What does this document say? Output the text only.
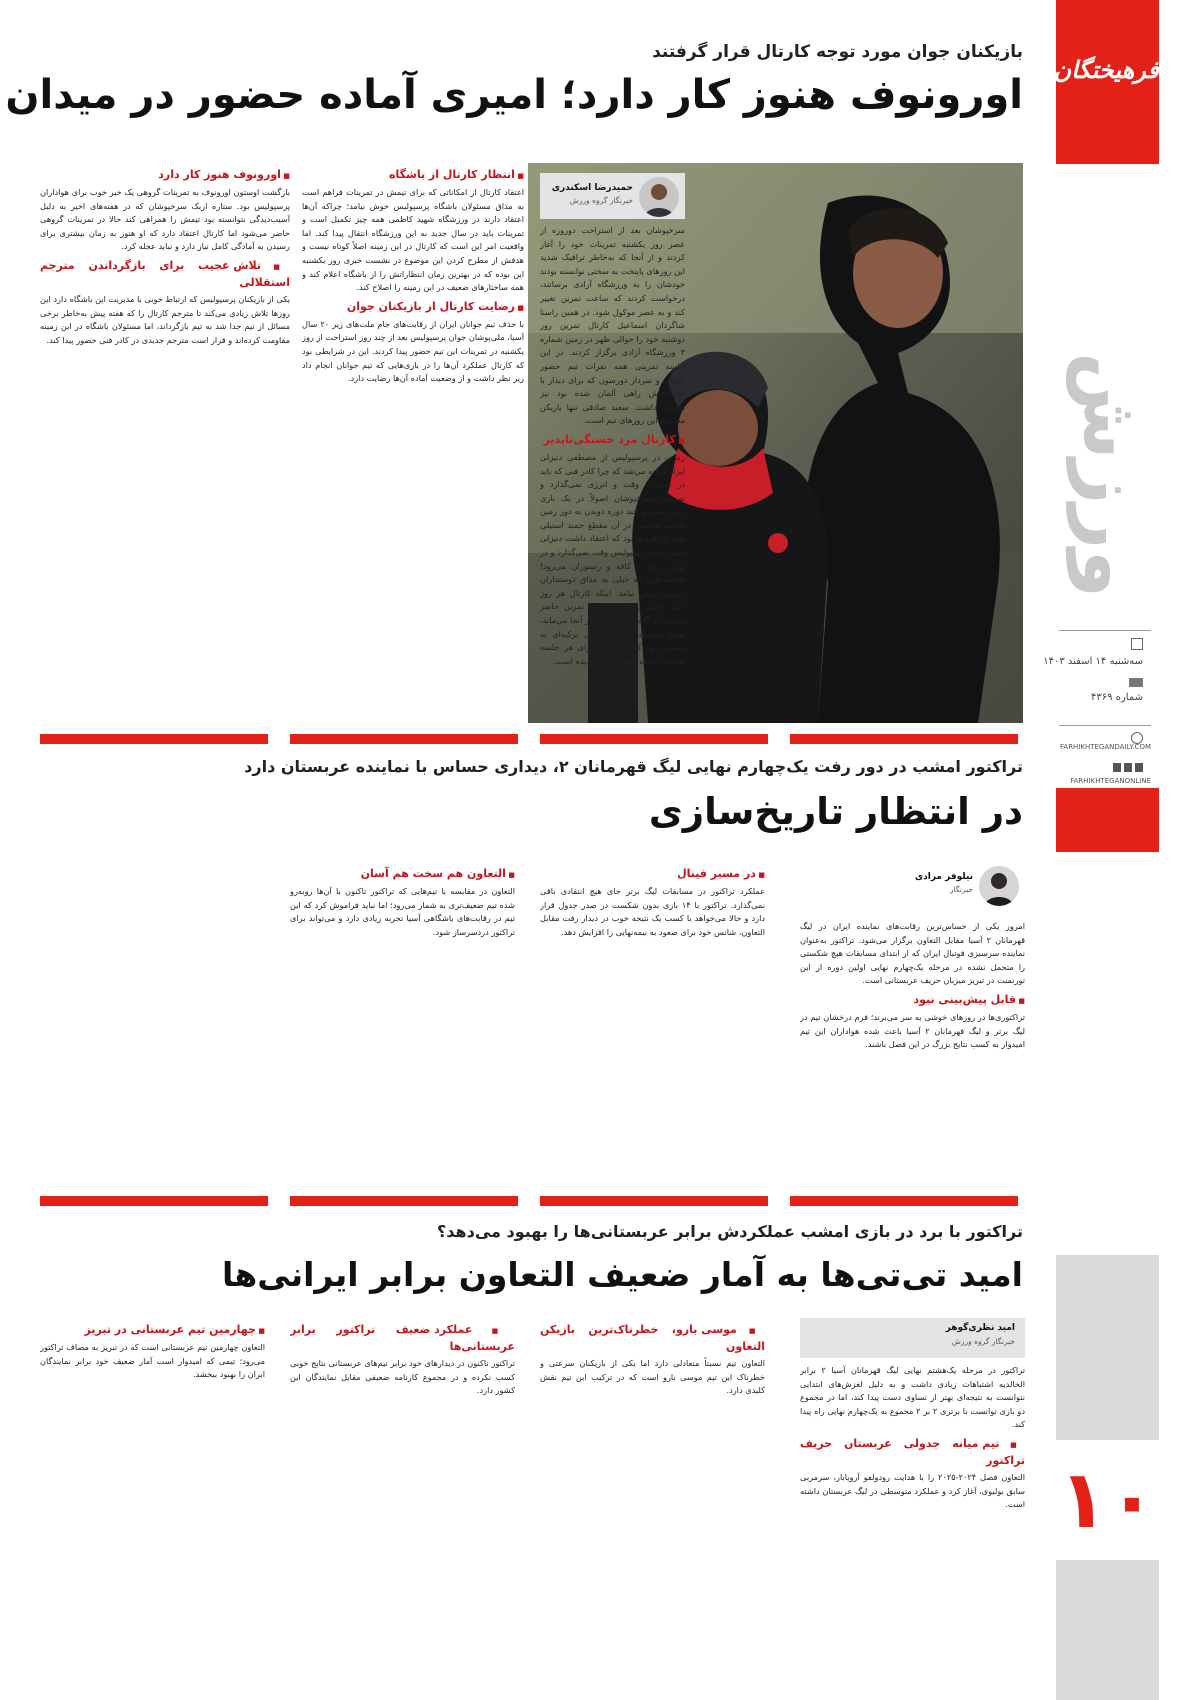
فرهیختگان
ورزش
سه‌شنبه ۱۴ اسفند ۱۴۰۳
شماره ۴۳۶۹
FARHIKHTEGANDAILY.COM
FARHIKHTEGANONLINE
۱۰
بازیکنان جوان مورد توجه کارتال قرار گرفتند
اورونوف هنوز کار دارد؛ امیری آماده حضور در میدان
حمیدرضا اسکندری
خبرنگار گروه ورزش

سرخپوشان بعد از استراحت دوروزه از عصر روز یکشنبه تمرینات خود را آغاز کردند و از آنجا که به‌خاطر ترافیک شدید این روزهای پایتخت به سختی توانسته بودند خودشان را به ورزشگاه آزادی برسانند، درخواست کردند که ساعت تمرین تغییر کند و به عصر موکول شود. در همین راستا شاگردان اسماعیل کارتال تمرین روز دوشنبه خود را حوالی ظهر در زمین شماره ۳ ورزشگاه آزادی برگزار کردند. در این جلسه تمرینی همه نفرات تیم حضور داشتند و سردار دورسون که برای دیدار با خانواده‌اش راهی آلمان شده بود نیز شرکت داشت. سعید صادقی تنها بازیکن مصدوم این روزهای تیم است.

■ کارتال مرد خستگی‌ناپذیر

زمانی در پرسپولیس از مصطفی دنیزلی ایراد گرفته می‌شد که چرا کادر فنی که باید در تمرینات وقت و انرژی نمی‌گذارد و تمرینات سرخپوشان اصولاً در یک بازی درون تیمی و چند دوره دویدن به دور زمین خلاصه می‌شد. در آن مقطع حمید استیلی یکی از افرادی بود که اعتقاد داشت دنیزلی خیلی برای پرسپولیس وقت نمی‌گذارد و در تهران زیاد به کافه و رستوران می‌رود! صحبت‌هایی که خیلی به مذاق دوستداران دنیزلی خوش نیامد. اینکه کارتال هر روز چند ساعت زودتر در محل تمرین حاضر می‌شود و گاهی تا دیروقت در آنجا می‌ماند، نشان می‌دهد که این مربی ترکیه‌ای به تیمش تعهد کامل دارد و برای هر جلسه تمرینی برنامه دقیقی تدارک دیده است.

■ انتظار کارتال از باشگاه

اعتقاد کارتال از امکاناتی که برای تیمش در تمرینات فراهم است به مذاق مسئولان باشگاه پرسپولیس خوش نیامد؛ چراکه آن‌ها اعتقاد دارند در ورزشگاه شهید کاظمی همه چیز تکمیل است و تمرینات باید در سال جدید به این ورزشگاه انتقال پیدا کند. اما واقعیت امر این است که کارتال در این زمینه اصلاً کوتاه نیست و هدفش از مطرح کردن این موضوع در نشست خبری روز یکشنبه این بوده که در بهترین زمان انتظاراتش را از باشگاه اعلام کند و همه ساختارهای ضعیف در این زمینه را اصلاح کند.

■ رضایت کارتال از بازیکنان جوان

با حذف تیم جوانان ایران از رقابت‌های جام ملت‌های زیر ۲۰ سال آسیا، ملی‌پوشان جوان پرسپولیس بعد از چند روز استراحت از روز یکشنبه در تمرینات این تیم حضور پیدا کردند. این در شرایطی بود که کارتال عملکرد آن‌ها را در بازی‌هایی که تیم جوانان انجام داد زیر نظر داشت و از وضعیت آماده آن‌ها رضایت دارد.

■ اورونوف هنوز کار دارد

بازگشت اوستون اورونوف به تمرینات گروهی یک خبر خوب برای هواداران پرسپولیس بود. ستاره ازبک سرخپوشان که در هفته‌های اخیر به دلیل آسیب‌دیدگی نتوانسته بود تیمش را همراهی کند حالا در تمرینات گروهی حاضر می‌شود اما کارتال اعتقاد دارد که او هنوز به زمان بیشتری برای رسیدن به آمادگی کامل نیاز دارد و نباید عجله کرد.

■ تلاش عجیب برای بازگرداندن مترجم استقلالی

یکی از بازیکنان پرسپولیس که ارتباط خوبی با مدیریت این باشگاه دارد این روزها تلاش زیادی می‌کند تا مترجم کارتال را که هفته پیش به‌خاطر برخی مسائل از تیم جدا شد به تیم بازگرداند، اما مسئولان باشگاه در این زمینه مقاومت کرده‌اند و قرار است مترجم جدیدی در کادر فنی حضور پیدا کند.

تراکتور امشب در دور رفت یک‌چهارم نهایی لیگ قهرمانان ۲، دیداری حساس با نماینده عربستان دارد
در انتظار تاریخ‌سازی
نیلوفر مرادی
خبرنگار

امروز یکی از حساس‌ترین رقابت‌های نماینده ایران در لیگ قهرمانان ۲ آسیا مقابل التعاون برگزار می‌شود. تراکتور به‌عنوان نماینده سرسبزی فوتبال ایران که از ابتدای مسابقات هیچ شکستی را متحمل نشده در مرحله یک‌چهارم نهایی اولین دوره از این تورنمنت در تبریز میزبان حریف عربستانی است.

■ قابل پیش‌بینی نبود

تراکتوری‌ها در روزهای خوشی به سر می‌برند؛ فرم درخشان تیم در لیگ برتر و لیگ قهرمانان ۲ آسیا باعث شده هواداران این تیم امیدوار به کسب نتایج بزرگ در این فصل باشند.

■ در مسیر فینال

عملکرد تراکتور در مسابقات لیگ برتر جای هیچ انتقادی باقی نمی‌گذارد. تراکتور با ۱۴ بازی بدون شکست در صدر جدول قرار دارد و حالا می‌خواهد با کسب یک نتیجه خوب در دیدار رفت مقابل التعاون، شانس خود برای صعود به نیمه‌نهایی را افزایش دهد.

■ التعاون هم سخت هم آسان

التعاون در مقایسه با تیم‌هایی که تراکتور تاکنون با آن‌ها روبه‌رو شده تیم ضعیف‌تری به شمار می‌رود؛ اما نباید فراموش کرد که این تیم در رقابت‌های باشگاهی آسیا تجربه زیادی دارد و می‌تواند برای تراکتور دردسرساز شود.

تراکتور با برد در بازی امشب عملکردش برابر عربستانی‌ها را بهبود می‌دهد؟
امید تی‌تی‌ها به آمار ضعیف التعاون برابر ایرانی‌ها
امید نظری‌گوهر
خبرنگار گروه ورزش

تراکتور در مرحله یک‌هشتم نهایی لیگ قهرمانان آسیا ۲ برابر الخالدیه اشتباهات زیادی داشت و به دلیل لغزش‌های ابتدایی نتوانست به نتیجه‌ای بهتر از تساوی دست پیدا کند، اما در مجموع دو بازی توانست با برتری ۲ بر ۲ مجموع به یک‌چهارم نهایی راه پیدا کند.

■ تیم میانه جدولی عربستان حریف تراکتور

التعاون فصل ۲۰۲۴-۲۰۲۵ را با هدایت رودولفو آرویابار، سرمربی سابق بولیوی، آغاز کرد و عملکرد متوسطی در لیگ عربستان داشته است.

■ موسی بارو، خطرناک‌ترین بازیکن التعاون

التعاون تیم نسبتاً متعادلی دارد اما یکی از بازیکنان سرعتی و خطرناک این تیم موسی بارو است که در ترکیب این تیم نقش کلیدی دارد.

■ عملکرد ضعیف تراکتور برابر عربستانی‌ها

تراکتور تاکنون در دیدارهای خود برابر تیم‌های عربستانی نتایج خوبی کسب نکرده و در مجموع کارنامه ضعیفی مقابل نمایندگان این کشور دارد.

■ چهارمین تیم عربستانی در تبریز

التعاون چهارمین تیم عربستانی است که در تبریز به مصاف تراکتور می‌رود؛ تیمی که امیدوار است آمار ضعیف خود برابر نمایندگان ایران را بهبود ببخشد.
